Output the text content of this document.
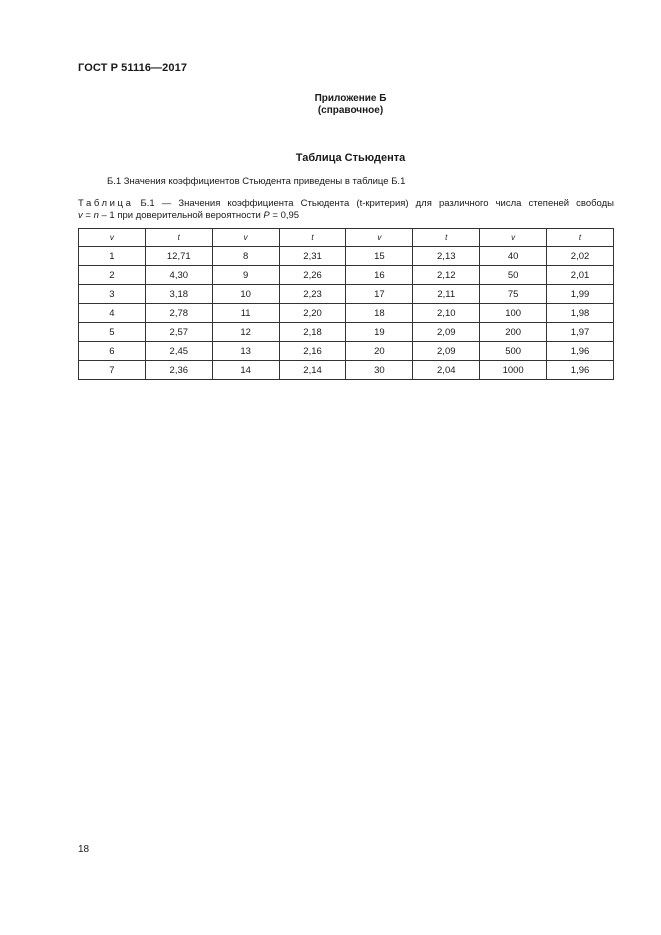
ГОСТ Р 51116—2017
Приложение Б
(справочное)
Таблица Стьюдента
Б.1 Значения коэффициентов Стьюдента приведены в таблице Б.1
Таблица Б.1 — Значения коэффициента Стьюдента (t-критерия) для различного числа степеней свободы
v = n – 1 при доверительной вероятности P = 0,95
v	t	v	t	v	t	v	t
1	12,71	8	2,31	15	2,13	40	2,02
2	4,30	9	2,26	16	2,12	50	2,01
3	3,18	10	2,23	17	2,11	75	1,99
4	2,78	11	2,20	18	2,10	100	1,98
5	2,57	12	2,18	19	2,09	200	1,97
6	2,45	13	2,16	20	2,09	500	1,96
7	2,36	14	2,14	30	2,04	1000	1,96
18
